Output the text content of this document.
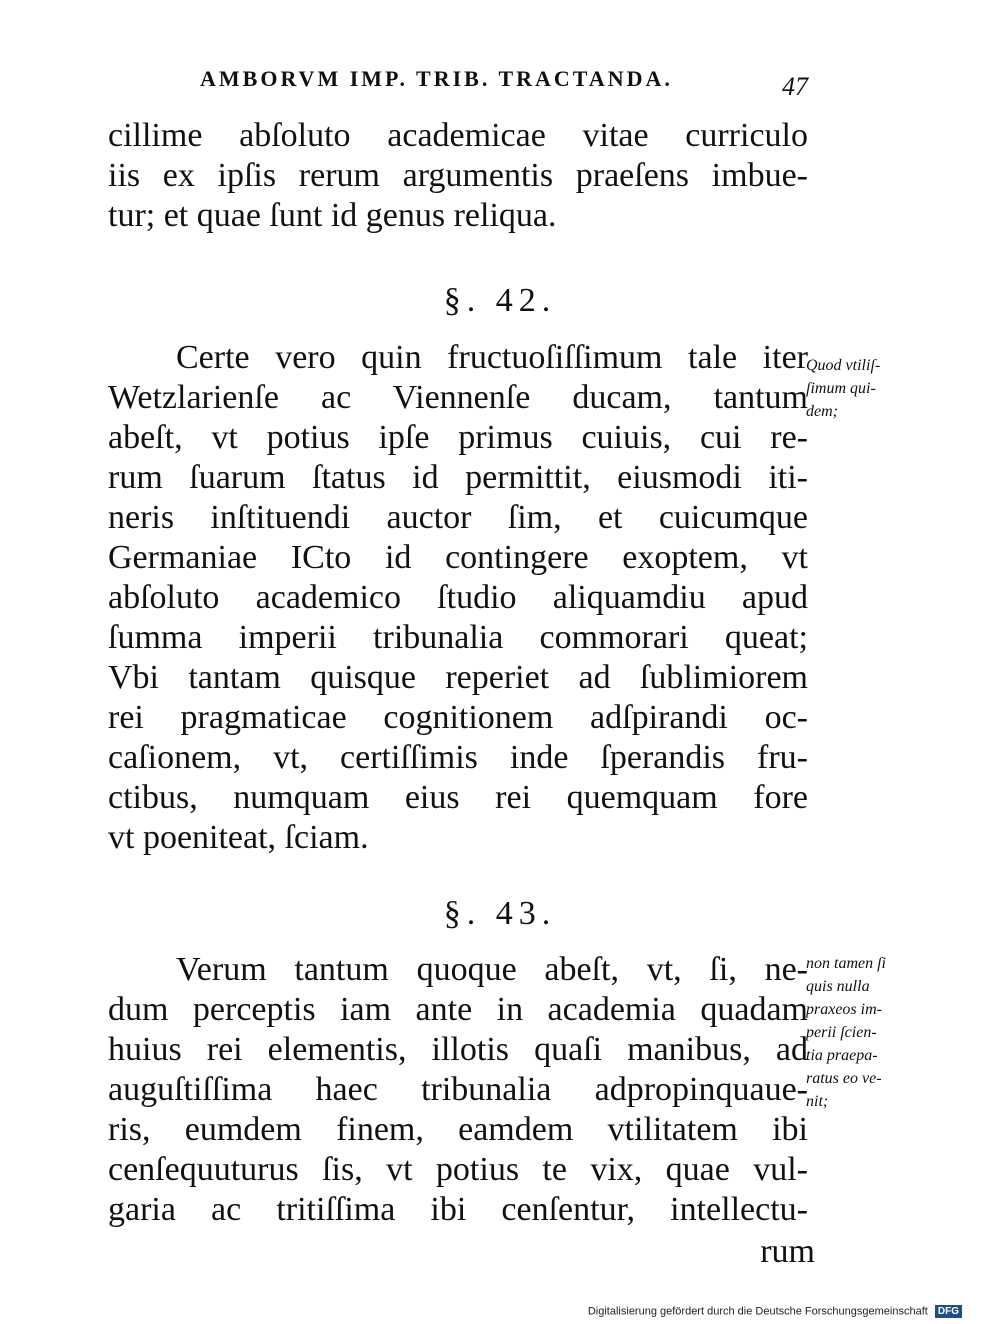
AMBORVM IMP. TRIB. TRACTANDA.	47
cillime abſoluto academicae vitae curriculo
iis ex ipſis rerum argumentis praeſens imbue-
tur; et quae ſunt id genus reliqua.
§. 42.
Certe vero quin fructuoſiſſimum tale iter
Wetzlarienſe ac Viennenſe ducam, tantum
abeſt, vt potius ipſe primus cuiuis, cui re-
rum ſuarum ſtatus id permittit, eiusmodi iti-
neris inſtituendi auctor ſim, et cuicumque
Germaniae ICto id contingere exoptem, vt
abſoluto academico ſtudio aliquamdiu apud
ſumma imperii tribunalia commorari queat;
Vbi tantam quisque reperiet ad ſublimiorem
rei pragmaticae cognitionem adſpirandi oc-
caſionem, vt, certiſſimis inde ſperandis fru-
ctibus, numquam eius rei quemquam fore
vt poeniteat, ſciam.
Quod vtiliſ-
ſimum qui-
dem;
§. 43.
Verum tantum quoque abeſt, vt, ſi, ne-
dum perceptis iam ante in academia quadam
huius rei elementis, illotis quaſi manibus, ad
auguſtiſſima haec tribunalia adpropinquaue-
ris, eumdem finem, eamdem vtilitatem ibi
cenſequuturus ſis, vt potius te vix, quae vul-
garia ac tritiſſima ibi cenſentur, intellectu-
rum
non tamen ſi
quis nulla
praxeos im-
perii ſcien-
tia praepa-
ratus eo ve-
nit;
Digitalisierung gefördert durch die Deutsche Forschungsgemeinschaft DFG
